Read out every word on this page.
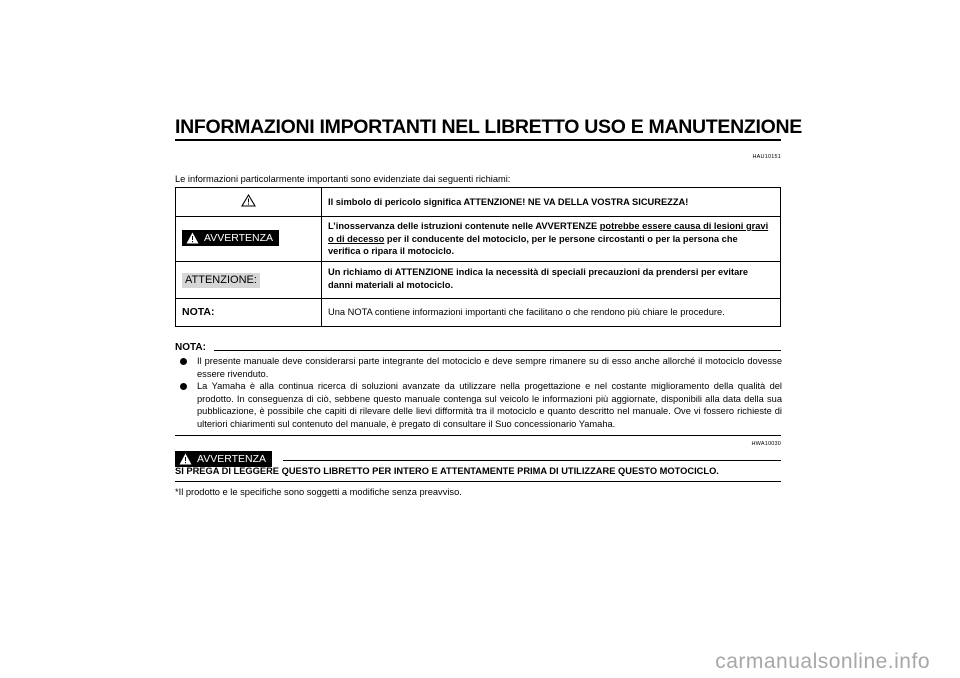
INFORMAZIONI IMPORTANTI NEL LIBRETTO USO E MANUTENZIONE
HAU10151
Le informazioni particolarmente importanti sono evidenziate dai seguenti richiami:
	Il simbolo di pericolo significa ATTENZIONE! NE VA DELLA VOSTRA SICUREZZA!

AVVERTENZA	L’inosservanza delle istruzioni contenute nelle AVVERTENZE potrebbe essere causa di lesioni gravi o di decesso per il conducente del motociclo, per le persone circostanti o per la persona che verifica o ripara il motociclo.
ATTENZIONE:	Un richiamo di ATTENZIONE indica la necessità di speciali precauzioni da prendersi per evitare danni materiali al motociclo.
NOTA:	Una NOTA contiene informazioni importanti che facilitano o che rendono più chiare le procedure.
NOTA:
Il presente manuale deve considerarsi parte integrante del motociclo e deve sempre rimanere su di esso anche allorché il motociclo dovesse essere rivenduto.
La Yamaha è alla continua ricerca di soluzioni avanzate da utilizzare nella progettazione e nel costante miglioramento della qualità del prodotto. In conseguenza di ciò, sebbene questo manuale contenga sul veicolo le informazioni più aggiornate, disponibili alla data della sua pubblicazione, è possibile che capiti di rilevare delle lievi difformità tra il motociclo e quanto descritto nel manuale. Ove vi fossero richieste di ulteriori chiarimenti sul contenuto del manuale, è pregato di consultare il Suo concessionario Yamaha.
HWA10030
AVVERTENZA
SI PREGA DI LEGGERE QUESTO LIBRETTO PER INTERO E ATTENTAMENTE PRIMA DI UTILIZZARE QUESTO MOTOCICLO.
*Il prodotto e le specifiche sono soggetti a modifiche senza preavviso.
carmanualsonline.info
